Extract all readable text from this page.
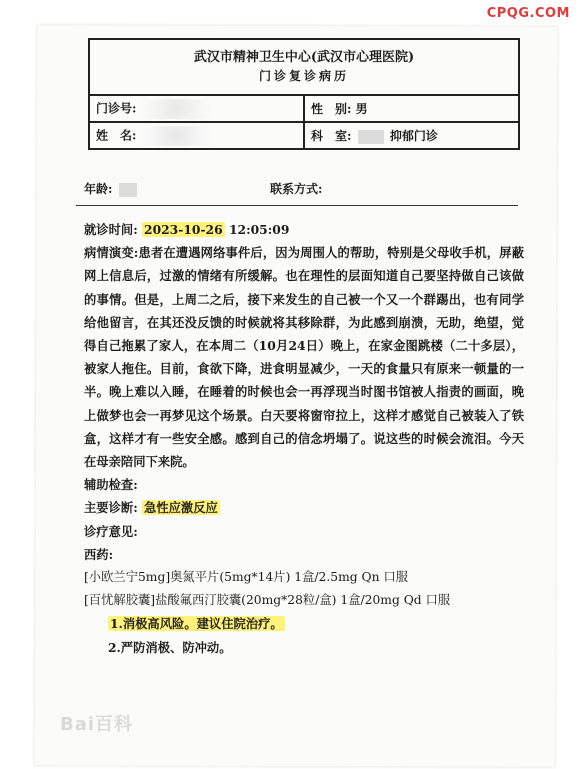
CPQG.COM
武汉市精神卫生中心(武汉市心理医院)
门诊复诊病历	

门诊号:	性　别: 男
姓　名:	科　室: 抑郁门诊
年龄:	联系方式:
就诊时间: 2023-10-26 12:05:09
病情演变:患者在遭遇网络事件后，因为周围人的帮助，特别是父母收手机，屏蔽网上信息后，过激的情绪有所缓解。也在理性的层面知道自己要坚持做自己该做的事情。但是，上周二之后，接下来发生的自己被一个又一个群踢出，也有同学给他留言，在其还没反馈的时候就将其移除群，为此感到崩溃，无助，绝望，觉得自己拖累了家人，在本周二（10月24日）晚上，在家金图跳楼（二十多层），被家人拖住。目前，食欲下降，进食明显减少，一天的食量只有原来一顿量的一半。晚上难以入睡，在睡着的时候也会一再浮现当时图书馆被人指责的画面，晚上做梦也会一再梦见这个场景。白天要将窗帘拉上，这样才感觉自己被装入了铁盒，这样才有一些安全感。感到自己的信念坍塌了。说这些的时候会流泪。今天在母亲陪同下来院。
辅助检查:
主要诊断: 急性应激反应
诊疗意见:
西药:
[小欧兰宁5mg]奥氮平片(5mg*14片) 1盒/2.5mg Qn 口服
[百忧解胶囊]盐酸氟西汀胶囊(20mg*28粒/盒) 1盒/20mg Qd 口服
1.消极高风险。建议住院治疗。
2.严防消极、防冲动。
Bai百科
